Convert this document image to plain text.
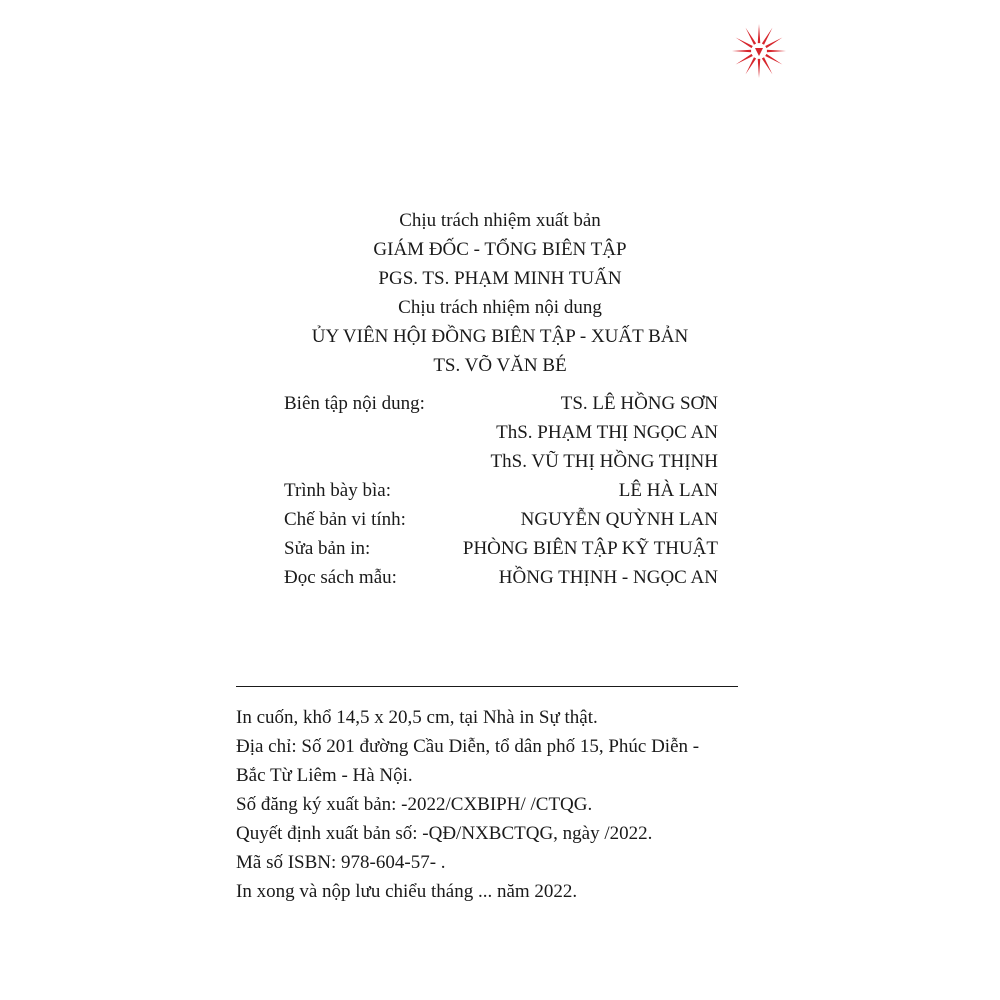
Chịu trách nhiệm xuất bản
GIÁM ĐỐC - TỔNG BIÊN TẬP
PGS. TS. PHẠM MINH TUẤN
Chịu trách nhiệm nội dung
ỦY VIÊN HỘI ĐỒNG BIÊN TẬP - XUẤT BẢN
TS. VÕ VĂN BÉ
Biên tập nội dung:	TS. LÊ HỒNG SƠN
ThS. PHẠM THỊ NGỌC AN
ThS. VŨ THỊ HỒNG THỊNH
Trình bày bìa:	LÊ HÀ LAN
Chế bản vi tính:	NGUYỄN QUỲNH LAN
Sửa bản in:	PHÒNG BIÊN TẬP KỸ THUẬT
Đọc sách mẫu:	HỒNG THỊNH - NGỌC AN
In cuốn, khổ 14,5 x 20,5 cm, tại Nhà in Sự thật.
Địa chỉ: Số 201 đường Cầu Diễn, tổ dân phố 15, Phúc Diễn -
Bắc Từ Liêm - Hà Nội.
Số đăng ký xuất bản: -2022/CXBIPH/ /CTQG.
Quyết định xuất bản số: -QĐ/NXBCTQG, ngày /2022.
Mã số ISBN: 978-604-57- .
In xong và nộp lưu chiểu tháng ... năm 2022.
